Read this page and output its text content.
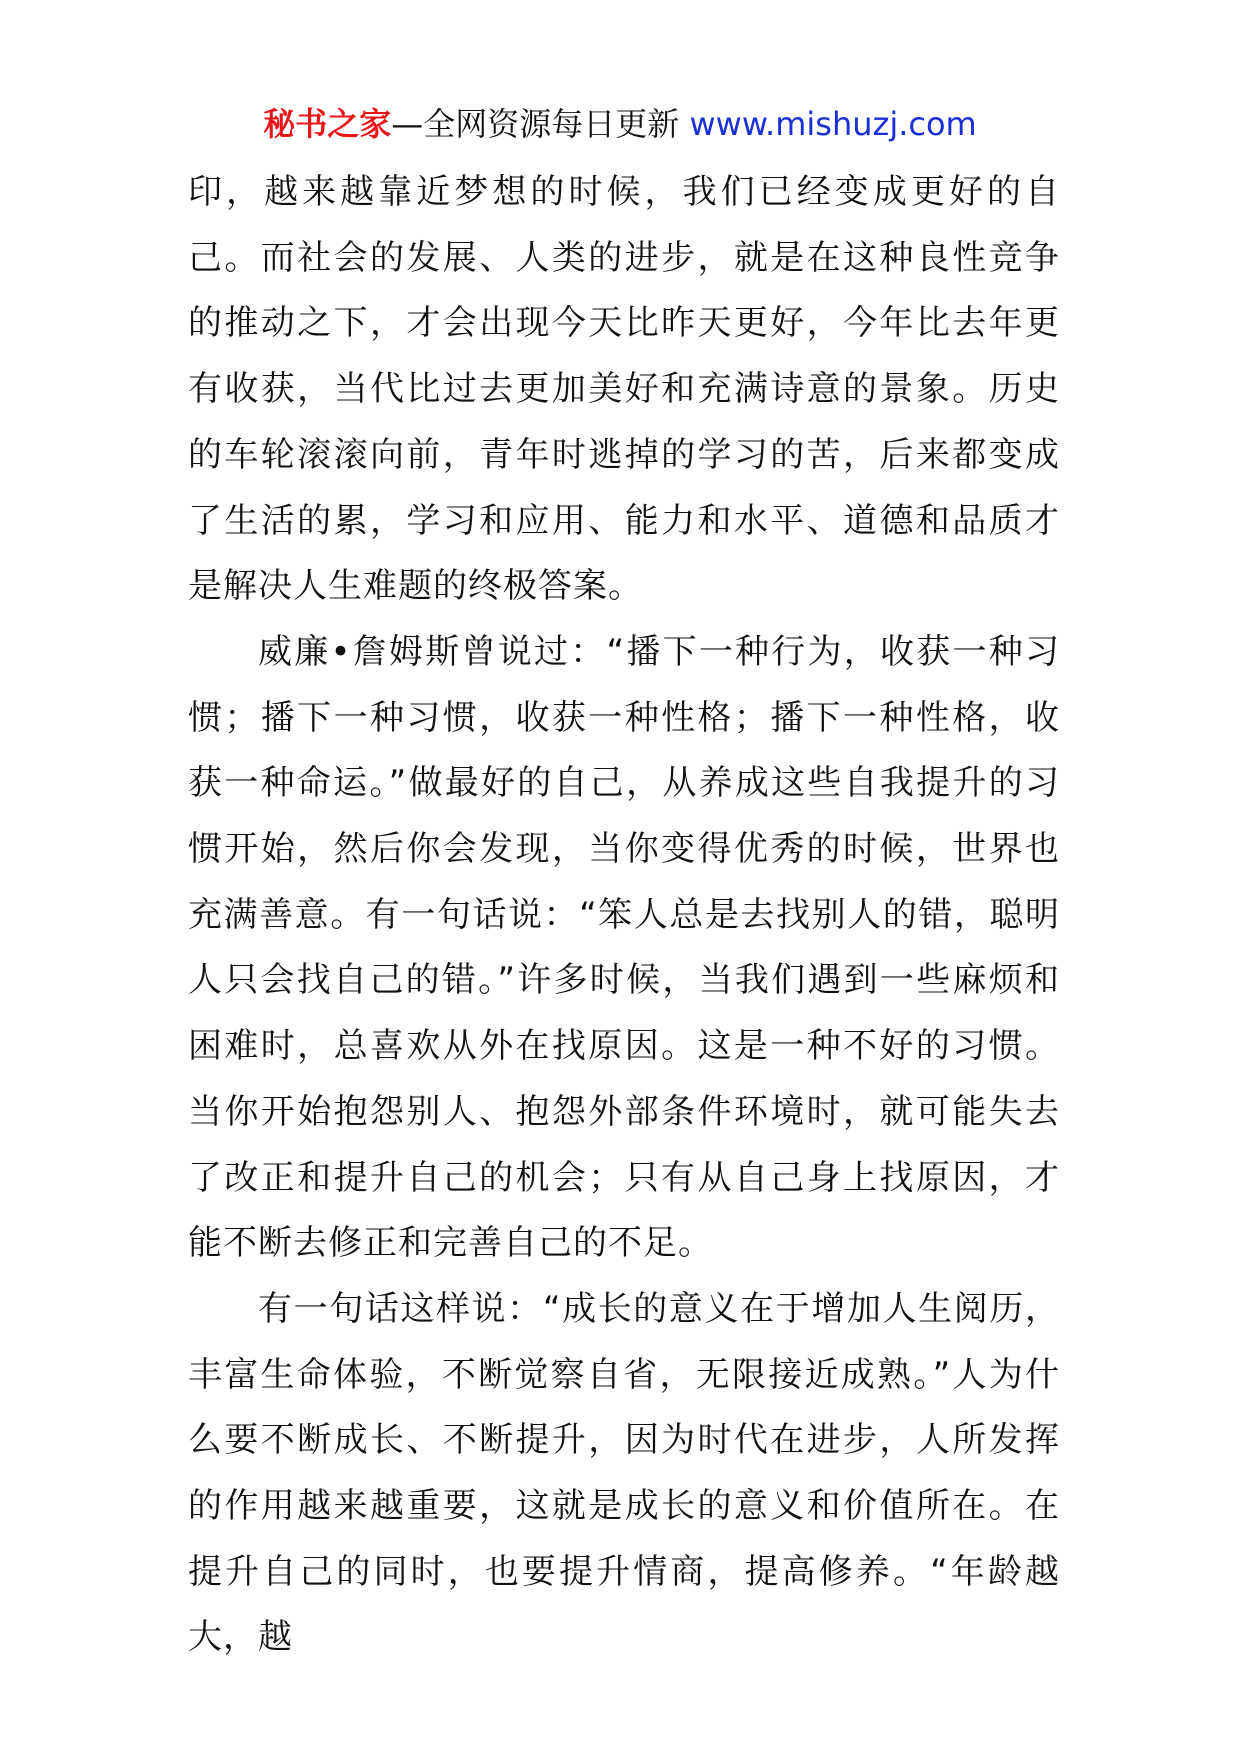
秘书之家—全网资源每日更新 www.mishuzj.com

印，越来越靠近梦想的时候，我们已经变成更好的自己。而社会的发展、人类的进步，就是在这种良性竞争的推动之下，才会出现今天比昨天更好，今年比去年更有收获，当代比过去更加美好和充满诗意的景象。历史的车轮滚滚向前，青年时逃掉的学习的苦，后来都变成了生活的累，学习和应用、能力和水平、道德和品质才是解决人生难题的终极答案。

威廉•詹姆斯曾说过：“播下一种行为，收获一种习惯；播下一种习惯，收获一种性格；播下一种性格，收获一种命运。”做最好的自己，从养成这些自我提升的习惯开始，然后你会发现，当你变得优秀的时候，世界也充满善意。有一句话说：“笨人总是去找别人的错，聪明人只会找自己的错。”许多时候，当我们遇到一些麻烦和困难时，总喜欢从外在找原因。这是一种不好的习惯。当你开始抱怨别人、抱怨外部条件环境时，就可能失去了改正和提升自己的机会；只有从自己身上找原因，才能不断去修正和完善自己的不足。

有一句话这样说：“成长的意义在于增加人生阅历，丰富生命体验，不断觉察自省，无限接近成熟。”人为什么要不断成长、不断提升，因为时代在进步，人所发挥的作用越来越重要，这就是成长的意义和价值所在。在提升自己的同时，也要提升情商，提高修养。“年龄越大，越
